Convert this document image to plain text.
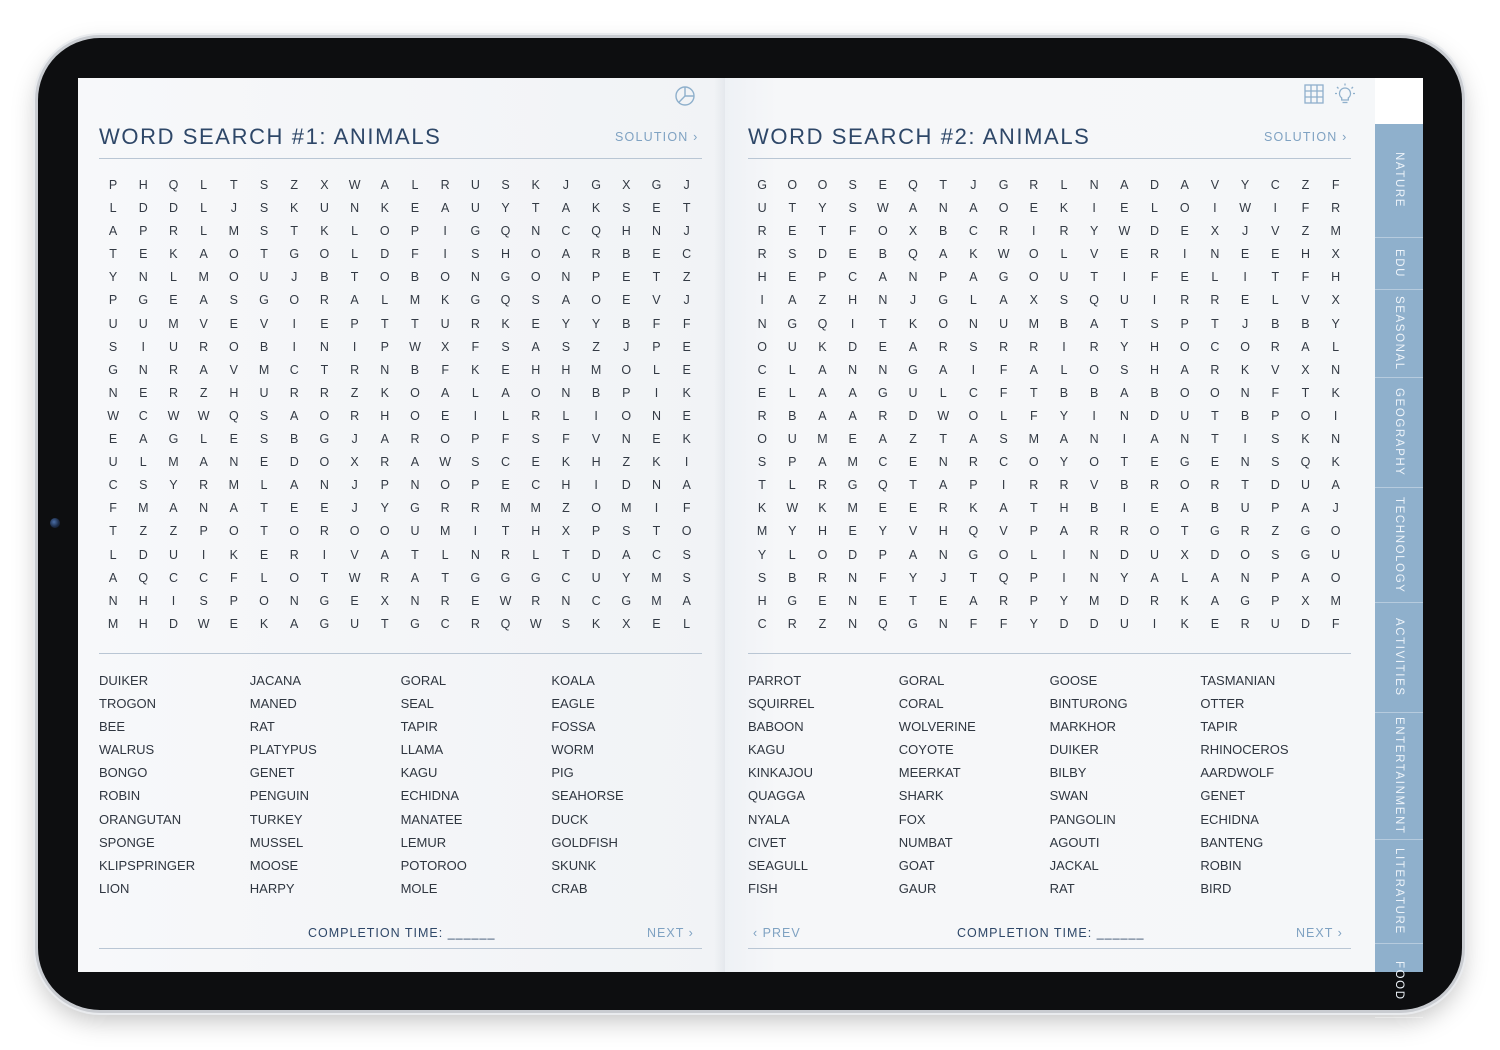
WORD SEARCH #1: ANIMALS	SOLUTION ›
P	H	Q	L	T	S	Z	X	W	A	L	R	U	S	K	J	G	X	G	J
L	D	D	L	J	S	K	U	N	K	E	A	U	Y	T	A	K	S	E	T
A	P	R	L	M	S	T	K	L	O	P	I	G	Q	N	C	Q	H	N	J
T	E	K	A	O	T	G	O	L	D	F	I	S	H	O	A	R	B	E	C
Y	N	L	M	O	U	J	B	T	O	B	O	N	G	O	N	P	E	T	Z
P	G	E	A	S	G	O	R	A	L	M	K	G	Q	S	A	O	E	V	J
U	U	M	V	E	V	I	E	P	T	T	U	R	K	E	Y	Y	B	F	F
S	I	U	R	O	B	I	N	I	P	W	X	F	S	A	S	Z	J	P	E
G	N	R	A	V	M	C	T	R	N	B	F	K	E	H	H	M	O	L	E
N	E	R	Z	H	U	R	R	Z	K	O	A	L	A	O	N	B	P	I	K
W	C	W	W	Q	S	A	O	R	H	O	E	I	L	R	L	I	O	N	E
E	A	G	L	E	S	B	G	J	A	R	O	P	F	S	F	V	N	E	K
U	L	M	A	N	E	D	O	X	R	A	W	S	C	E	K	H	Z	K	I
C	S	Y	R	M	L	A	N	J	P	N	O	P	E	C	H	I	D	N	A
F	M	A	N	A	T	E	E	J	Y	G	R	R	M	M	Z	O	M	I	F
T	Z	Z	P	O	T	O	R	O	O	U	M	I	T	H	X	P	S	T	O
L	D	U	I	K	E	R	I	V	A	T	L	N	R	L	T	D	A	C	S
A	Q	C	C	F	L	O	T	W	R	A	T	G	G	G	C	U	Y	M	S
N	H	I	S	P	O	N	G	E	X	N	R	E	W	R	N	C	G	M	A
M	H	D	W	E	K	A	G	U	T	G	C	R	Q	W	S	K	X	E	L
DUIKER	JACANA	GORAL	KOALA
TROGON	MANED	SEAL	EAGLE
BEE	RAT	TAPIR	FOSSA
WALRUS	PLATYPUS	LLAMA	WORM
BONGO	GENET	KAGU	PIG
ROBIN	PENGUIN	ECHIDNA	SEAHORSE
ORANGUTAN	TURKEY	MANATEE	DUCK
SPONGE	MUSSEL	LEMUR	GOLDFISH
KLIPSPRINGER	MOOSE	POTOROO	SKUNK
LION	HARPY	MOLE	CRAB
COMPLETION TIME: ______	NEXT ›
WORD SEARCH #2: ANIMALS	SOLUTION ›
G	O	O	S	E	Q	T	J	G	R	L	N	A	D	A	V	Y	C	Z	F
U	T	Y	S	W	A	N	A	O	E	K	I	E	L	O	I	W	I	F	R
R	E	T	F	O	X	B	C	R	I	R	Y	W	D	E	X	J	V	Z	M
R	S	D	E	B	Q	A	K	W	O	L	V	E	R	I	N	E	E	H	X
H	E	P	C	A	N	P	A	G	O	U	T	I	F	E	L	I	T	F	H
I	A	Z	H	N	J	G	L	A	X	S	Q	U	I	R	R	E	L	V	X
N	G	Q	I	T	K	O	N	U	M	B	A	T	S	P	T	J	B	B	Y
O	U	K	D	E	A	R	S	R	R	I	R	Y	H	O	C	O	R	A	L
C	L	A	N	N	G	A	I	F	A	L	O	S	H	A	R	K	V	X	N
E	L	A	A	G	U	L	C	F	T	B	B	A	B	O	O	N	F	T	K
R	B	A	A	R	D	W	O	L	F	Y	I	N	D	U	T	B	P	O	I
O	U	M	E	A	Z	T	A	S	M	A	N	I	A	N	T	I	S	K	N
S	P	A	M	C	E	N	R	C	O	Y	O	T	E	G	E	N	S	Q	K
T	L	R	G	Q	T	A	P	I	R	R	V	B	R	O	R	T	D	U	A
K	W	K	M	E	E	R	K	A	T	H	B	I	E	A	B	U	P	A	J
M	Y	H	E	Y	V	H	Q	V	P	A	R	R	O	T	G	R	Z	G	O
Y	L	O	D	P	A	N	G	O	L	I	N	D	U	X	D	O	S	G	U
S	B	R	N	F	Y	J	T	Q	P	I	N	Y	A	L	A	N	P	A	O
H	G	E	N	E	T	E	A	R	P	Y	M	D	R	K	A	G	P	X	M
C	R	Z	N	Q	G	N	F	F	Y	D	D	U	I	K	E	R	U	D	F
PARROT	GORAL	GOOSE	TASMANIAN
SQUIRREL	CORAL	BINTURONG	OTTER
BABOON	WOLVERINE	MARKHOR	TAPIR
KAGU	COYOTE	DUIKER	RHINOCEROS
KINKAJOU	MEERKAT	BILBY	AARDWOLF
QUAGGA	SHARK	SWAN	GENET
NYALA	FOX	PANGOLIN	ECHIDNA
CIVET	NUMBAT	AGOUTI	BANTENG
SEAGULL	GOAT	JACKAL	ROBIN
FISH	GAUR	RAT	BIRD
‹ PREV	COMPLETION TIME: ______	NEXT ›
NATURE
EDU
SEASONAL
GEOGRAPHY
TECHNOLOGY
ACTIVITIES
ENTERTAINMENT
LITERATURE
FOOD
